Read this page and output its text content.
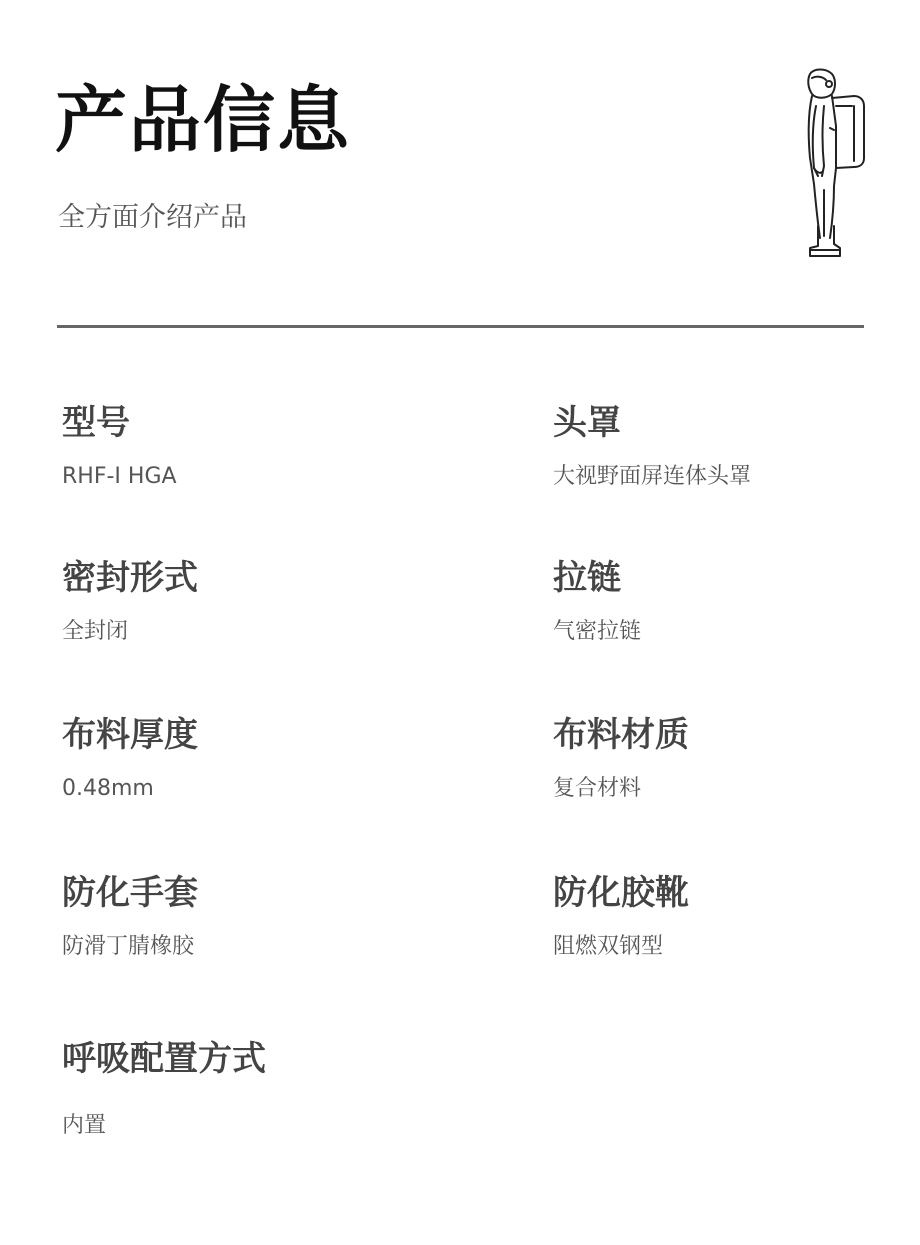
产品信息

全方面介绍产品

型号
RHF-I HGA
头罩
大视野面屏连体头罩
密封形式
全封闭
拉链
气密拉链
布料厚度
0.48mm
布料材质
复合材料
防化手套
防滑丁腈橡胶
防化胶靴
阻燃双钢型
呼吸配置方式
内置
